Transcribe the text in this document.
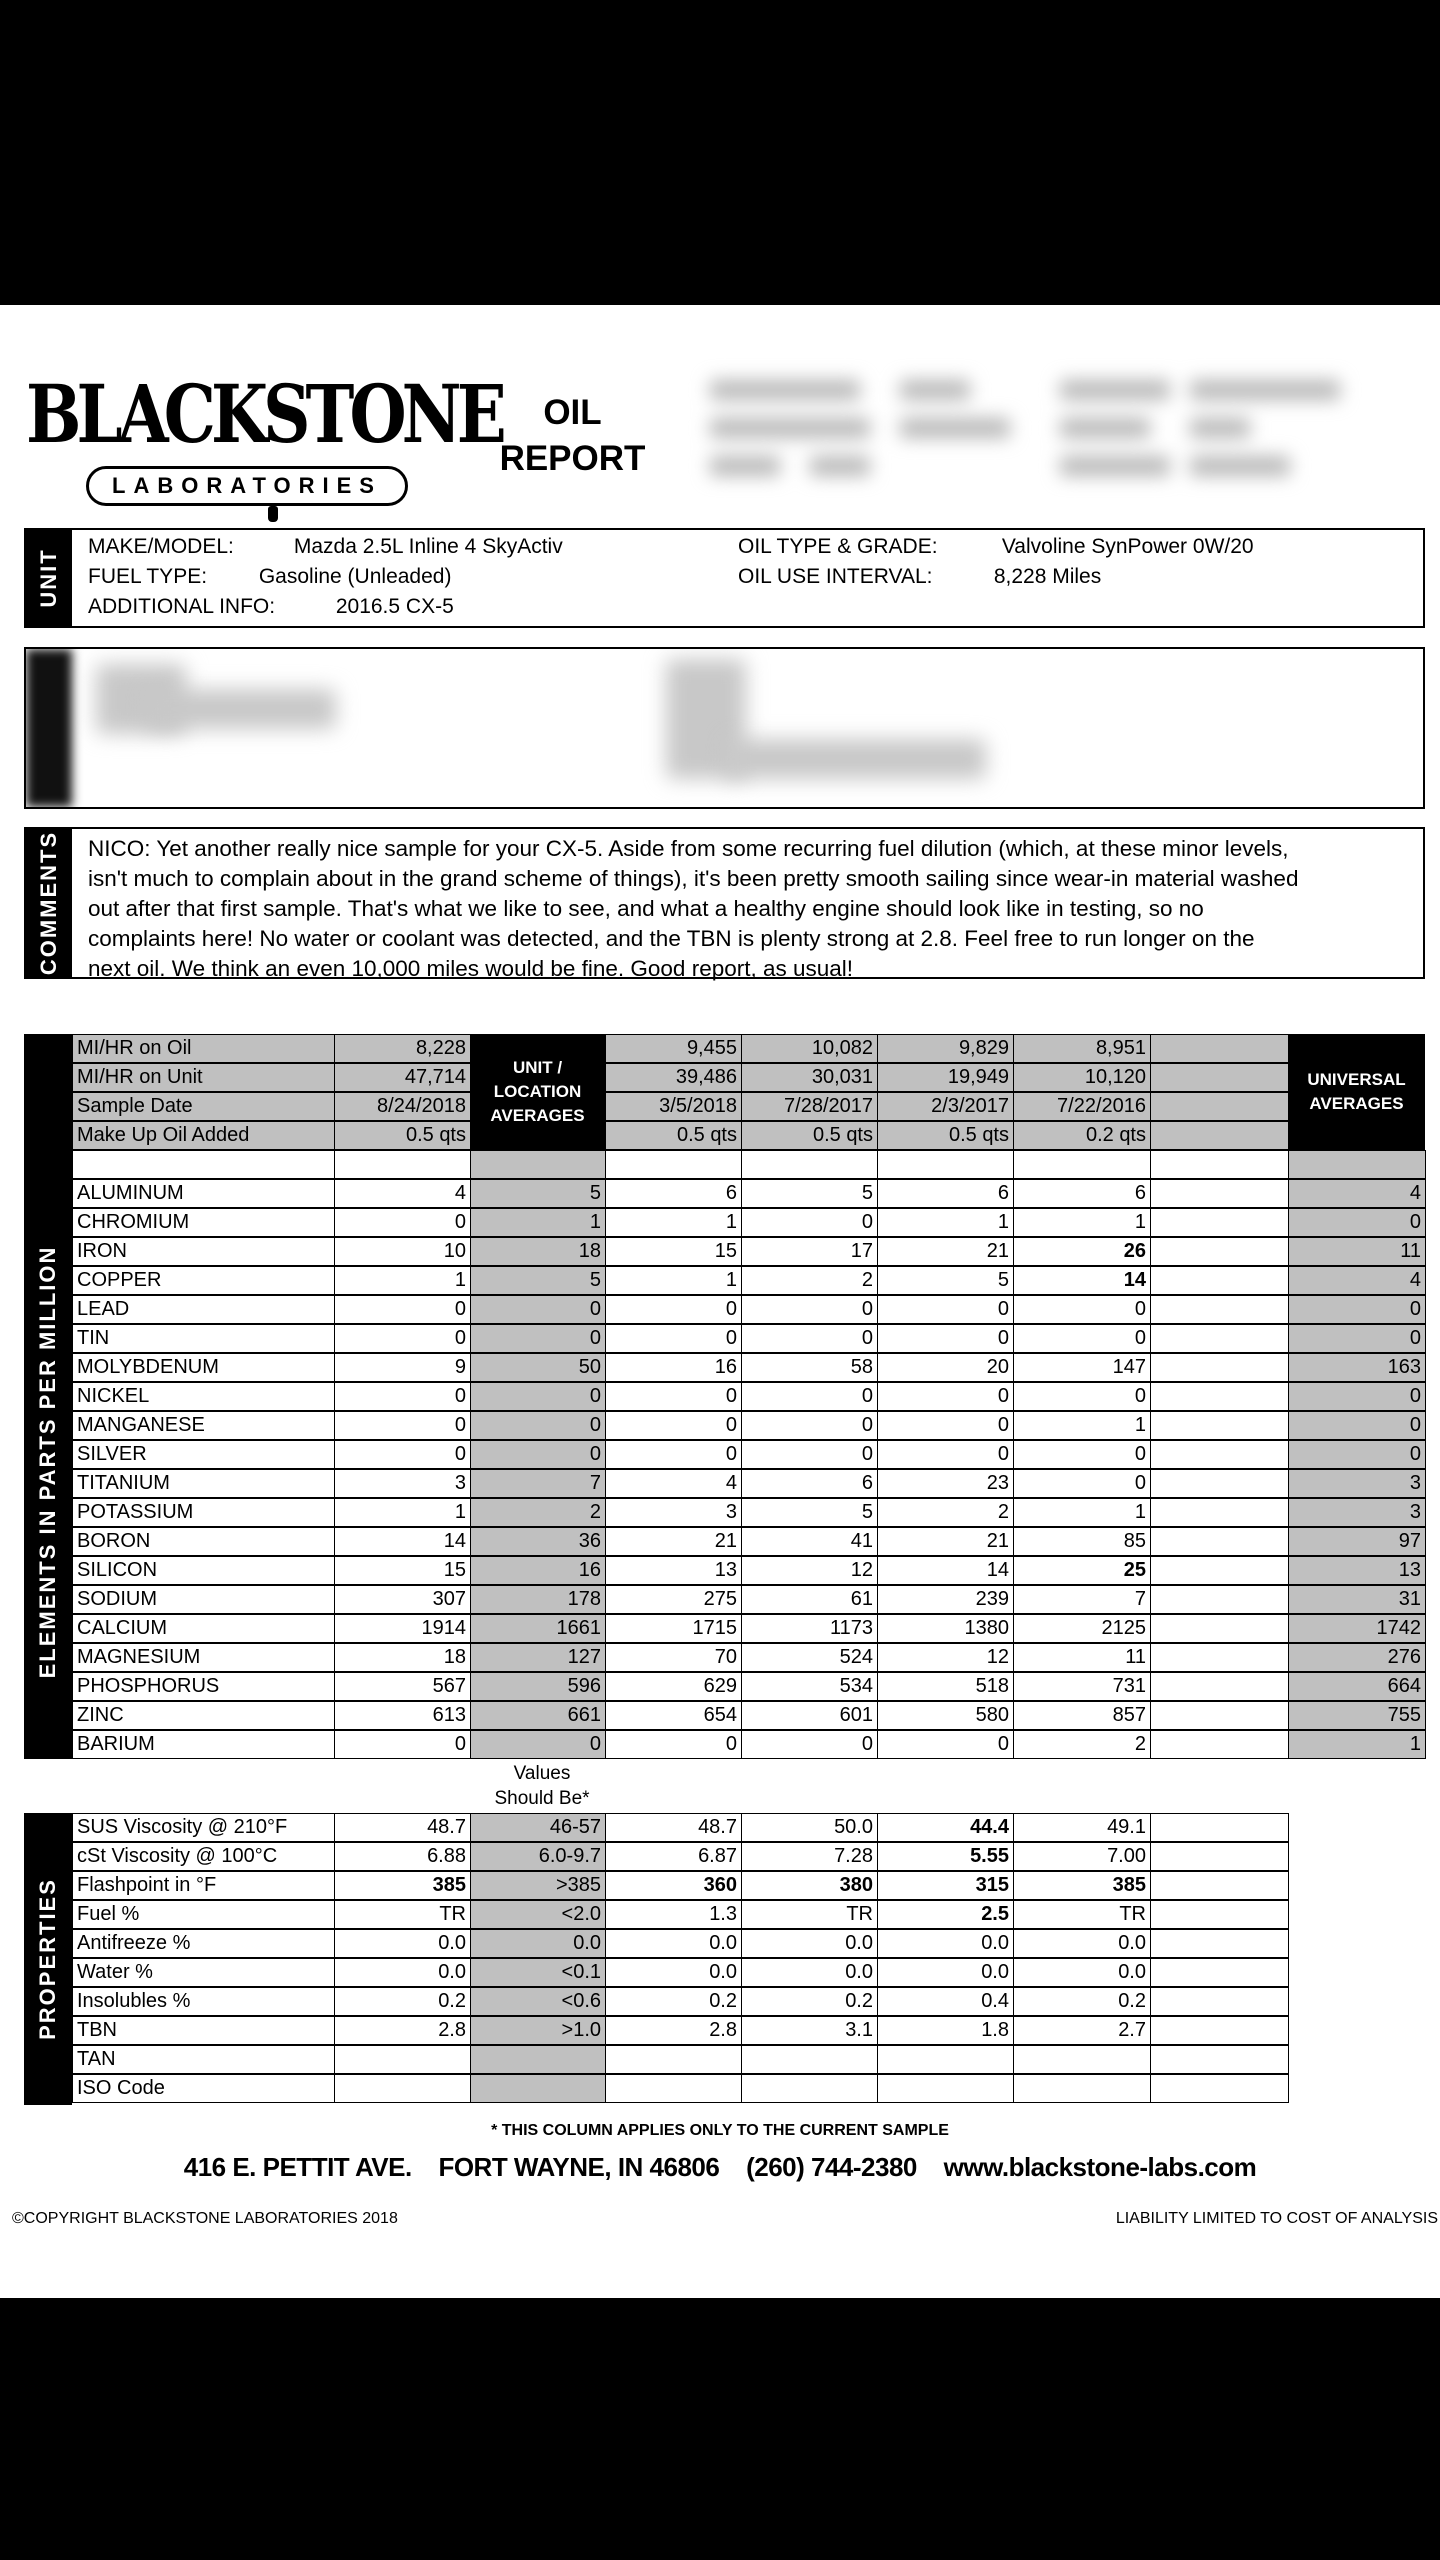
BLACKSTONE
LABORATORIES
OIL
REPORT
UNIT
MAKE/MODEL:	Mazda 2.5L Inline 4 SkyActiv
FUEL TYPE: Gasoline (Unleaded)
ADDITIONAL INFO:	2016.5 CX-5
OIL TYPE & GRADE:	Valvoline SynPower 0W/20
OIL USE INTERVAL:	8,228 Miles
COMMENTS NICO: Yet another really nice sample for your CX-5. Aside from some recurring fuel dilution (which, at these minor levels, isn't much to complain about in the grand scheme of things), it's been pretty smooth sailing since wear-in material washed out after that first sample. That's what we like to see, and what a healthy engine should look like in testing, so no complaints here! No water or coolant was detected, and the TBN is plenty strong at 2.8. Feel free to run longer on the next oil. We think an even 10,000 miles would be fine. Good report, as usual!
ELEMENTS IN PARTS PER MILLION
UNIT / LOCATION AVERAGES
UNIVERSAL AVERAGES
MI/HR on Oil	8,228	9,455	10,082	9,829	8,951
MI/HR on Unit	47,714	39,486	30,031	19,949	10,120
Sample Date	8/24/2018	3/5/2018	7/28/2017	2/3/2017	7/22/2016
Make Up Oil Added	0.5 qts	0.5 qts	0.5 qts	0.5 qts	0.2 qts
ALUMINUM	4	5	6	5	6	6	4
CHROMIUM	0	1	1	0	1	1	0
IRON	10	18	15	17	21	26	11
COPPER	1	5	1	2	5	14	4
LEAD	0	0	0	0	0	0	0
TIN	0	0	0	0	0	0	0
MOLYBDENUM	9	50	16	58	20	147	163
NICKEL	0	0	0	0	0	0	0
MANGANESE	0	0	0	0	0	1	0
SILVER	0	0	0	0	0	0	0
TITANIUM	3	7	4	6	23	0	3
POTASSIUM	1	2	3	5	2	1	3
BORON	14	36	21	41	21	85	97
SILICON	15	16	13	12	14	25	13
SODIUM	307	178	275	61	239	7	31
CALCIUM	1914	1661	1715	1173	1380	2125	1742
MAGNESIUM	18	127	70	524	12	11	276
PHOSPHORUS	567	596	629	534	518	731	664
ZINC	613	661	654	601	580	857	755
BARIUM	0	0	0	0	0	2	1
Values
Should Be*
PROPERTIES
SUS Viscosity @ 210°F	48.7	46-57	48.7	50.0	44.4	49.1
cSt Viscosity @ 100°C	6.88	6.0-9.7	6.87	7.28	5.55	7.00
Flashpoint in °F	385	>385	360	380	315	385
Fuel %	TR	<2.0	1.3	TR	2.5	TR
Antifreeze %	0.0	0.0	0.0	0.0	0.0	0.0
Water %	0.0	<0.1	0.0	0.0	0.0	0.0
Insolubles %	0.2	<0.6	0.2	0.2	0.4	0.2
TBN	2.8	>1.0	2.8	3.1	1.8	2.7
TAN
ISO Code
* THIS COLUMN APPLIES ONLY TO THE CURRENT SAMPLE
416 E. PETTIT AVE. FORT WAYNE, IN 46806 (260) 744-2380 www.blackstone-labs.com
©COPYRIGHT BLACKSTONE LABORATORIES 2018	LIABILITY LIMITED TO COST OF ANALYSIS
